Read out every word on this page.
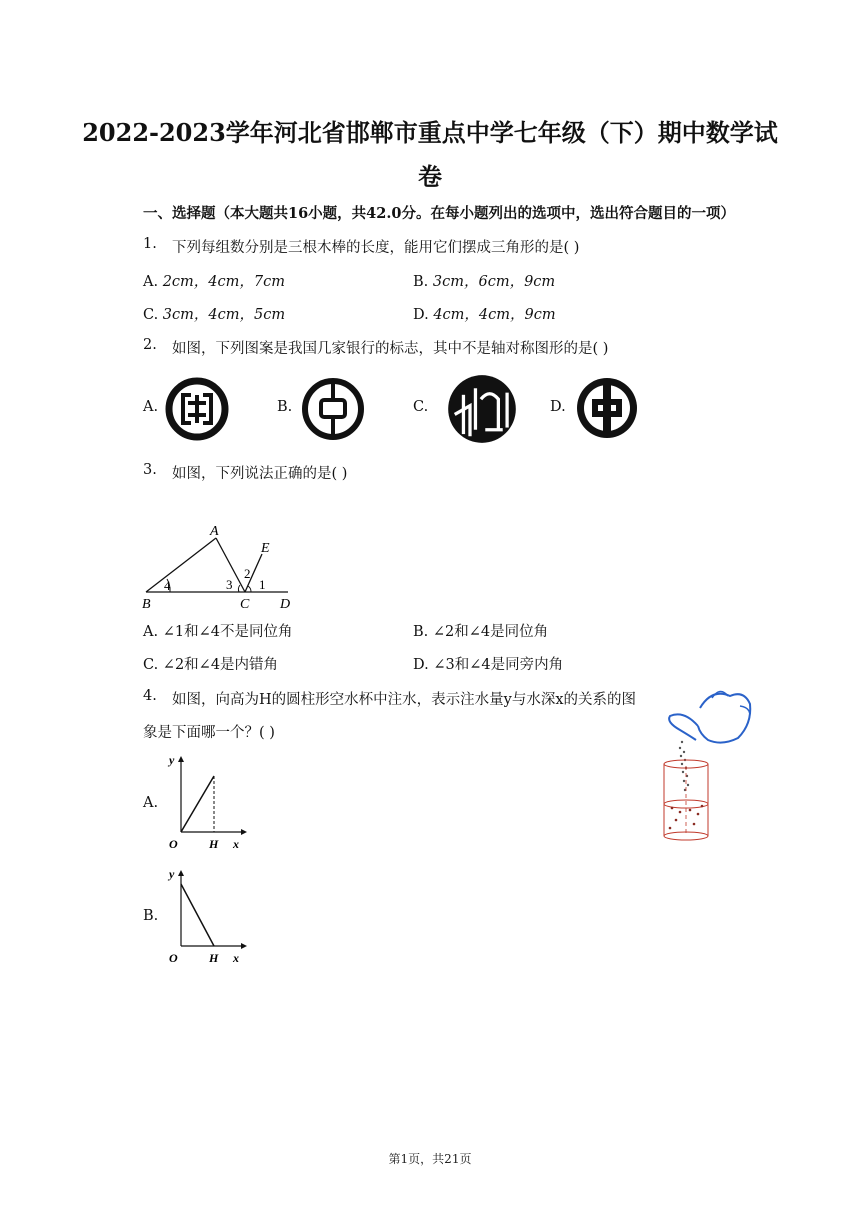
2022-2023学年河北省邯郸市重点中学七年级（下）期中数学试
卷
一、选择题（本大题共16小题，共42.0分。在每小题列出的选项中，选出符合题目的一项）
1. 下列每组数分别是三根木棒的长度，能用它们摆成三角形的是( )
A. 2cm，4cm，7cm	B. 3cm，6cm，9cm
C. 3cm，4cm，5cm	D. 4cm，4cm，9cm
2. 如图，下列图案是我国几家银行的标志，其中不是轴对称图形的是( )
A.	B.	C.	D.
3. 如图，下列说法正确的是( )
A
B	C D
E
1
2
3
4
A. ∠1和∠4不是同位角	B. ∠2和∠4是同位角
C. ∠2和∠4是内错角	D. ∠3和∠4是同旁内角
4. 如图，向高为H的圆柱形空水杯中注水，表示注水量y与水深x的关系的图
象是下面哪一个？( )
A.
y
O	H x
B.
y
O	H x
第1页，共21页
